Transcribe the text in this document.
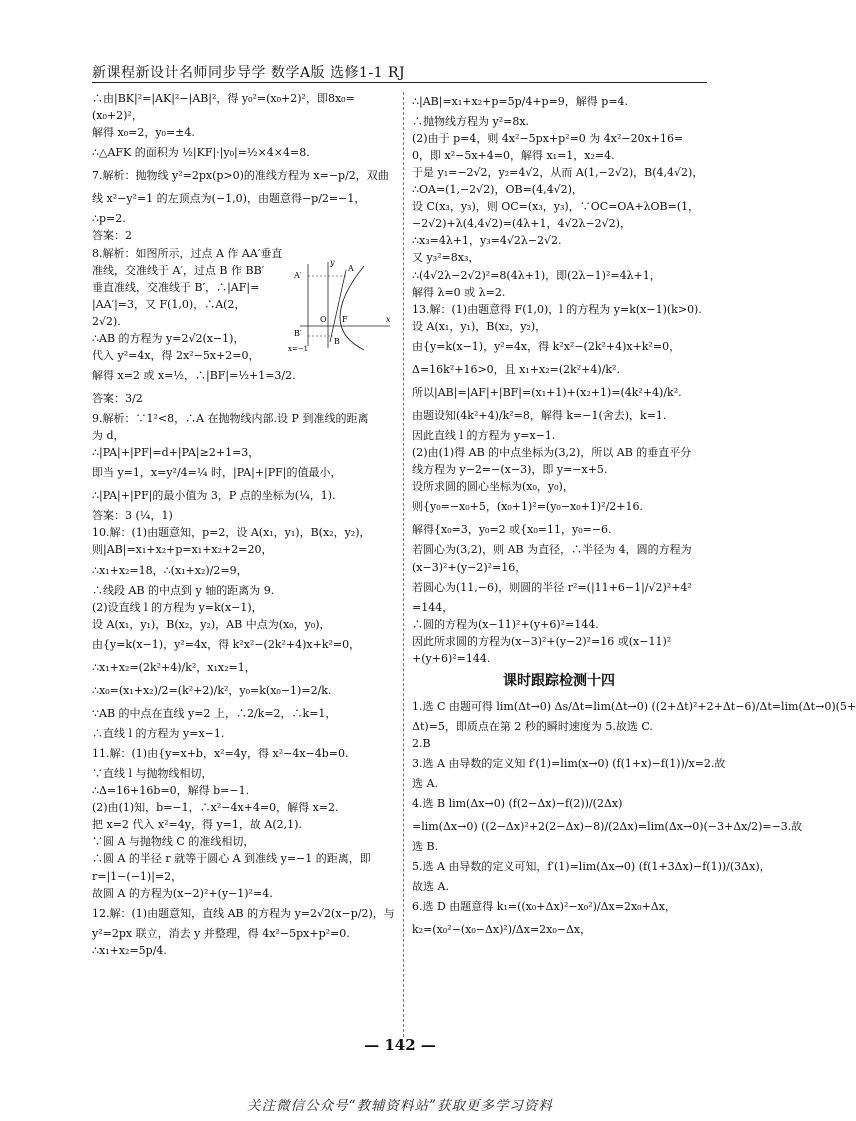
新课程新设计名师同步导学 数学A版 选修1-1 RJ
∴由|BK|²=|AK|²−|AB|²，得 y₀²=(x₀+2)²，即8x₀=
(x₀+2)²，
解得 x₀=2，y₀=±4.
∴△AFK 的面积为 ½|KF|·|y₀|=½×4×4=8.
7.解析：抛物线 y²=2px(p>0)的准线方程为 x=−p/2，双曲
线 x²−y²=1 的左顶点为(−1,0)，由题意得−p/2=−1，
∴p=2.
答案：2
8.解析：如图所示，过点 A 作 AA′垂直
准线，交准线于 A′，过点 B 作 BB′
垂直准线，交准线于 B′，∴|AF|=
|AA′|=3，又 F(1,0)，∴A(2，
2√2).
∴AB 的方程为 y=2√2(x−1)，
代入 y²=4x，得 2x²−5x+2=0，
解得 x=2 或 x=½，∴|BF|=½+1=3/2.
答案：3/2
9.解析：∵1²<8，∴A 在抛物线内部.设 P 到准线的距离
为 d，
∴|PA|+|PF|=d+|PA|≥2+1=3，
即当 y=1，x=y²/4=¼ 时，|PA|+|PF|的值最小，
∴|PA|+|PF|的最小值为 3，P 点的坐标为(¼，1).
答案：3 (¼，1)
10.解：(1)由题意知，p=2，设 A(x₁，y₁)，B(x₂，y₂)，
则|AB|=x₁+x₂+p=x₁+x₂+2=20，
∴x₁+x₂=18，∴(x₁+x₂)/2=9，
∴线段 AB 的中点到 y 轴的距离为 9.
(2)设直线 l 的方程为 y=k(x−1)，
设 A(x₁，y₁)，B(x₂，y₂)，AB 中点为(x₀，y₀)，
由{y=k(x−1)，y²=4x，得 k²x²−(2k²+4)x+k²=0，
∴x₁+x₂=(2k²+4)/k²，x₁x₂=1，
∴x₀=(x₁+x₂)/2=(k²+2)/k²，y₀=k(x₀−1)=2/k.
∵AB 的中点在直线 y=2 上，∴2/k=2，∴k=1，
∴直线 l 的方程为 y=x−1.
11.解：(1)由{y=x+b，x²=4y，得 x²−4x−4b=0.
∵直线 l 与抛物线相切，
∴Δ=16+16b=0，解得 b=−1.
(2)由(1)知，b=−1，∴x²−4x+4=0，解得 x=2.
把 x=2 代入 x²=4y，得 y=1，故 A(2,1).
∵圆 A 与抛物线 C 的准线相切，
∴圆 A 的半径 r 就等于圆心 A 到准线 y=−1 的距离，即
r=|1−(−1)|=2，
故圆 A 的方程为(x−2)²+(y−1)²=4.
12.解：(1)由题意知，直线 AB 的方程为 y=2√2(x−p/2)，与
y²=2px 联立，消去 y 并整理，得 4x²−5px+p²=0.
∴x₁+x₂=5p/4.
y
x
A′
A
B′
B
O F
x=−1
∴|AB|=x₁+x₂+p=5p/4+p=9，解得 p=4.
∴抛物线方程为 y²=8x.
(2)由于 p=4，则 4x²−5px+p²=0 为 4x²−20x+16=
0，即 x²−5x+4=0，解得 x₁=1，x₂=4.
于是 y₁=−2√2，y₂=4√2，从而 A(1,−2√2)，B(4,4√2)，
∴OA=(1,−2√2)，OB=(4,4√2)，
设 C(x₃，y₃)，则 OC=(x₃，y₃)，∵OC=OA+λOB=(1，
−2√2)+λ(4,4√2)=(4λ+1，4√2λ−2√2)，
∴x₃=4λ+1，y₃=4√2λ−2√2.
又 y₃²=8x₃，
∴(4√2λ−2√2)²=8(4λ+1)，即(2λ−1)²=4λ+1，
解得 λ=0 或 λ=2.
13.解：(1)由题意得 F(1,0)，l 的方程为 y=k(x−1)(k>0).
设 A(x₁，y₁)，B(x₂，y₂)，
由{y=k(x−1)，y²=4x，得 k²x²−(2k²+4)x+k²=0，
Δ=16k²+16>0，且 x₁+x₂=(2k²+4)/k².
所以|AB|=|AF|+|BF|=(x₁+1)+(x₂+1)=(4k²+4)/k².
由题设知(4k²+4)/k²=8，解得 k=−1(舍去)，k=1.
因此直线 l 的方程为 y=x−1.
(2)由(1)得 AB 的中点坐标为(3,2)，所以 AB 的垂直平分
线方程为 y−2=−(x−3)，即 y=−x+5.
设所求圆的圆心坐标为(x₀，y₀)，
则{y₀=−x₀+5，(x₀+1)²=(y₀−x₀+1)²/2+16.
解得{x₀=3，y₀=2 或{x₀=11，y₀=−6.
若圆心为(3,2)，则 AB 为直径，∴半径为 4，圆的方程为
(x−3)²+(y−2)²=16，
若圆心为(11,−6)，则圆的半径 r²=(|11+6−1|/√2)²+4²
=144，
∴圆的方程为(x−11)²+(y+6)²=144.
因此所求圆的方程为(x−3)²+(y−2)²=16 或(x−11)²
+(y+6)²=144.
课时跟踪检测十四
1.选 C 由题可得 lim(Δt→0) Δs/Δt=lim(Δt→0) ((2+Δt)²+2+Δt−6)/Δt=lim(Δt→0)(5+
Δt)=5，即质点在第 2 秒的瞬时速度为 5.故选 C.
2.B
3.选 A 由导数的定义知 f′(1)=lim(x→0) (f(1+x)−f(1))/x=2.故
选 A.
4.选 B lim(Δx→0) (f(2−Δx)−f(2))/(2Δx)
=lim(Δx→0) ((2−Δx)²+2(2−Δx)−8)/(2Δx)=lim(Δx→0)(−3+Δx/2)=−3.故
选 B.
5.选 A 由导数的定义可知，f′(1)=lim(Δx→0) (f(1+3Δx)−f(1))/(3Δx)，
故选 A.
6.选 D 由题意得 k₁=((x₀+Δx)²−x₀²)/Δx=2x₀+Δx，
k₂=(x₀²−(x₀−Δx)²)/Δx=2x₀−Δx，
— 142 —
关注微信公众号“教辅资料站”获取更多学习资料
